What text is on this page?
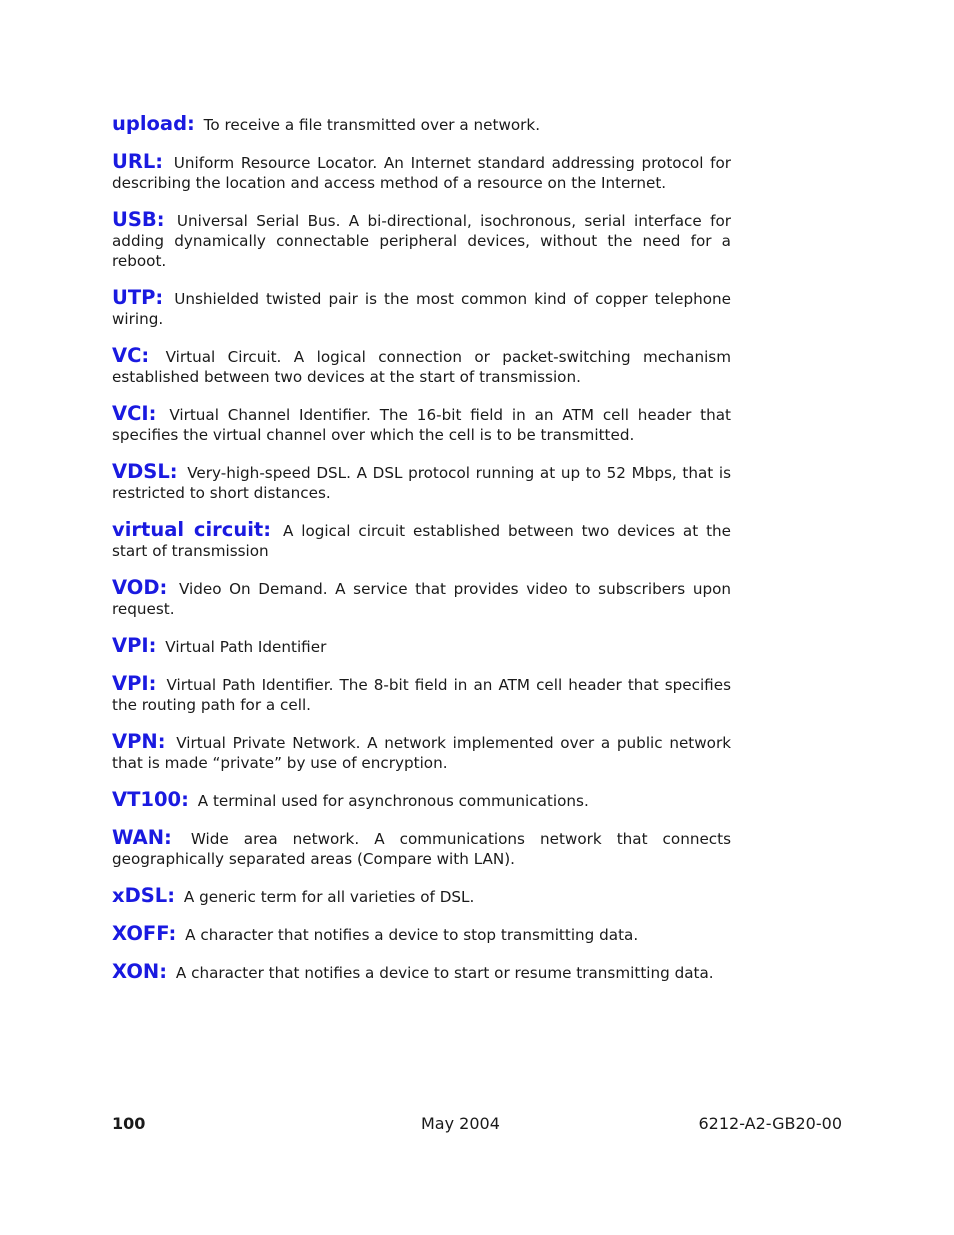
upload: To receive a file transmitted over a network.

URL: Uniform Resource Locator. An Internet standard addressing protocol for describing the location and access method of a resource on the Internet.

USB: Universal Serial Bus. A bi-directional, isochronous, serial interface for adding dynamically connectable peripheral devices, without the need for a reboot.

UTP: Unshielded twisted pair is the most common kind of copper telephone wiring.

VC: Virtual Circuit. A logical connection or packet-switching mechanism established between two devices at the start of transmission.

VCI: Virtual Channel Identifier. The 16-bit field in an ATM cell header that specifies the virtual channel over which the cell is to be transmitted.

VDSL: Very-high-speed DSL. A DSL protocol running at up to 52 Mbps, that is restricted to short distances.

virtual circuit: A logical circuit established between two devices at the start of transmission

VOD: Video On Demand. A service that provides video to subscribers upon request.

VPI: Virtual Path Identifier

VPI: Virtual Path Identifier. The 8-bit field in an ATM cell header that specifies the routing path for a cell.

VPN: Virtual Private Network. A network implemented over a public network that is made “private” by use of encryption.

VT100: A terminal used for asynchronous communications.

WAN: Wide area network. A communications network that connects geographically separated areas (Compare with LAN).

xDSL: A generic term for all varieties of DSL.

XOFF: A character that notifies a device to stop transmitting data.

XON: A character that notifies a device to start or resume transmitting data.

100	May 2004	6212-A2-GB20-00
